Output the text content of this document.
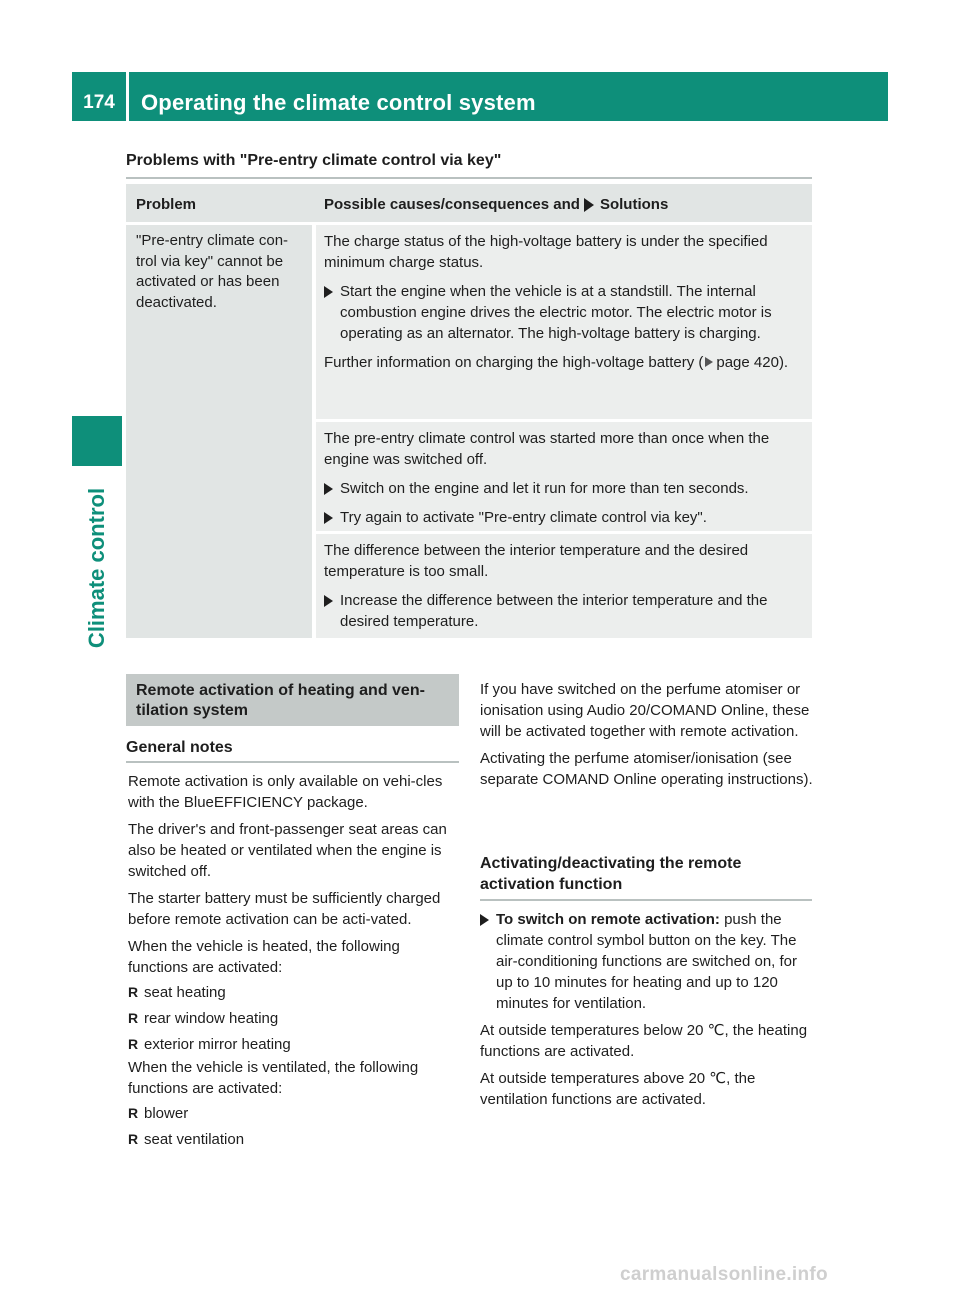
174	Operating the climate control system
Climate control
Problems with "Pre-entry climate control via key"
Problem	Possible causes/consequences and Solutions
"Pre-entry climate con-trol via key" cannot be activated or has been deactivated.

The charge status of the high-voltage battery is under the specified minimum charge status.

Start the engine when the vehicle is at a standstill. The internal combustion engine drives the electric motor. The electric motor is operating as an alternator. The high-voltage battery is charging.

Further information on charging the high-voltage battery ( page 420).

The pre-entry climate control was started more than once when the engine was switched off.

Switch on the engine and let it run for more than ten seconds.
Try again to activate "Pre-entry climate control via key".

The difference between the interior temperature and the desired temperature is too small.

Increase the difference between the interior temperature and the desired temperature.
Remote activation of heating and ven-tilation system
General notes

Remote activation is only available on vehi-cles with the BlueEFFICIENCY package.

The driver's and front-passenger seat areas can also be heated or ventilated when the engine is switched off.

The starter battery must be sufficiently charged before remote activation can be acti-vated.

When the vehicle is heated, the following functions are activated:

R seat heating
R rear window heating
R exterior mirror heating

When the vehicle is ventilated, the following functions are activated:

R blower
R seat ventilation

If you have switched on the perfume atomiser or ionisation using Audio 20/COMAND Online, these will be activated together with remote activation.

Activating the perfume atomiser/ionisation (see separate COMAND Online operating instructions).

Activating/deactivating the remote activation function
To switch on remote activation: push the climate control symbol button on the key. The air-conditioning functions are switched on, for up to 10 minutes for heating and up to 120 minutes for ventilation.

At outside temperatures below 20 ℃, the heating functions are activated.

At outside temperatures above 20 ℃, the ventilation functions are activated.

carmanualsonline.info
